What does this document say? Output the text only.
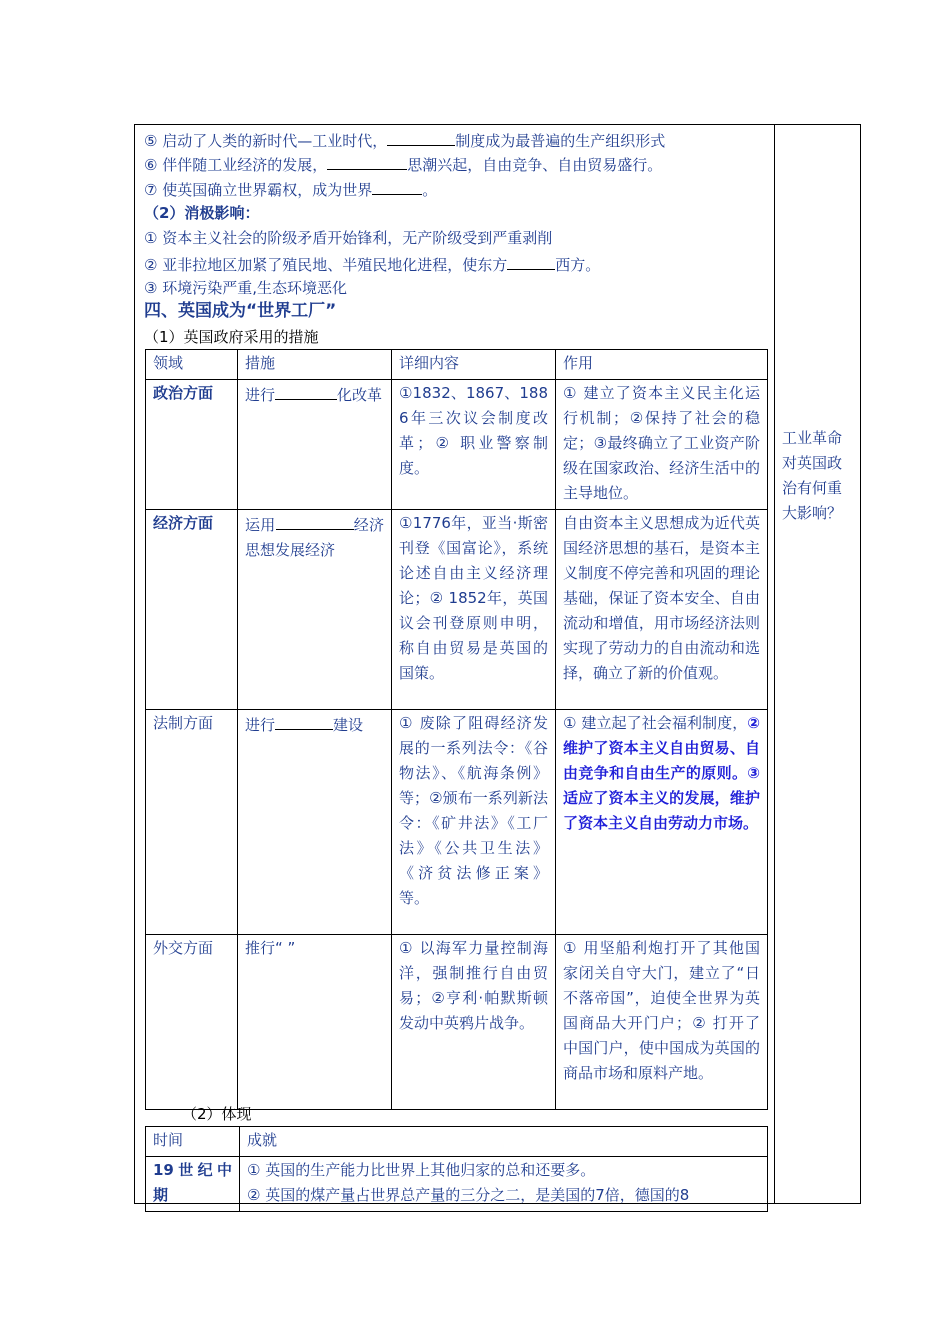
工业革命对英国政治有何重大影响？
⑤ 启动了人类的新时代—工业时代，	制度成为最普遍的生产组织形式
⑥ 伴伴随工业经济的发展，	思潮兴起，自由竞争、自由贸易盛行。
⑦ 使英国确立世界霸权，成为世界	。
（2）消极影响：
① 资本主义社会的阶级矛盾开始锋利，无产阶级受到严重剥削
② 亚非拉地区加紧了殖民地、半殖民地化进程，使东方	西方。
③ 环境污染严重,生态环境恶化
四、英国成为“世界工厂”
（1）英国政府采用的措施
领域	措施	详细内容	作用
政治方面	进行 化改革	①1832、1867、1886年三次议会制度改革；② 职业警察制度。	① 建立了资本主义民主化运行机制；②保持了社会的稳定；③最终确立了工业资产阶级在国家政治、经济生活中的主导地位。
经济方面	运用 经济思想发展经济	①1776年，亚当·斯密刊登《国富论》，系统论述自由主义经济理论；② 1852年，英国议会刊登原则申明，称自由贸易是英国的国策。	自由资本主义思想成为近代英国经济思想的基石，是资本主义制度不停完善和巩固的理论基础，保证了资本安全、自由流动和增值，用市场经济法则实现了劳动力的自由流动和选择，确立了新的价值观。
法制方面	进行 建设	① 废除了阻碍经济发展的一系列法令：《谷物法》、《航海条例》等；②颁布一系列新法令：《矿井法》《工厂法》《公共卫生法》《济贫法修正案》等。	① 建立起了社会福利制度，②维护了资本主义自由贸易、自由竞争和自由生产的原则。③适应了资本主义的发展，维护了资本主义自由劳动力市场。
外交方面	推行“ ”	① 以海军力量控制海洋，强制推行自由贸易；②亨利·帕默斯顿发动中英鸦片战争。	① 用坚船利炮打开了其他国家闭关自守大门，建立了“日不落帝国”，迫使全世界为英国商品大开门户；② 打开了中国门户，使中国成为英国的商品市场和原料产地。
（2）体现
时间	成就
19世纪中期	① 英国的生产能力比世界上其他归家的总和还要多。
② 英国的煤产量占世界总产量的三分之二，是美国的7倍，德国的8
